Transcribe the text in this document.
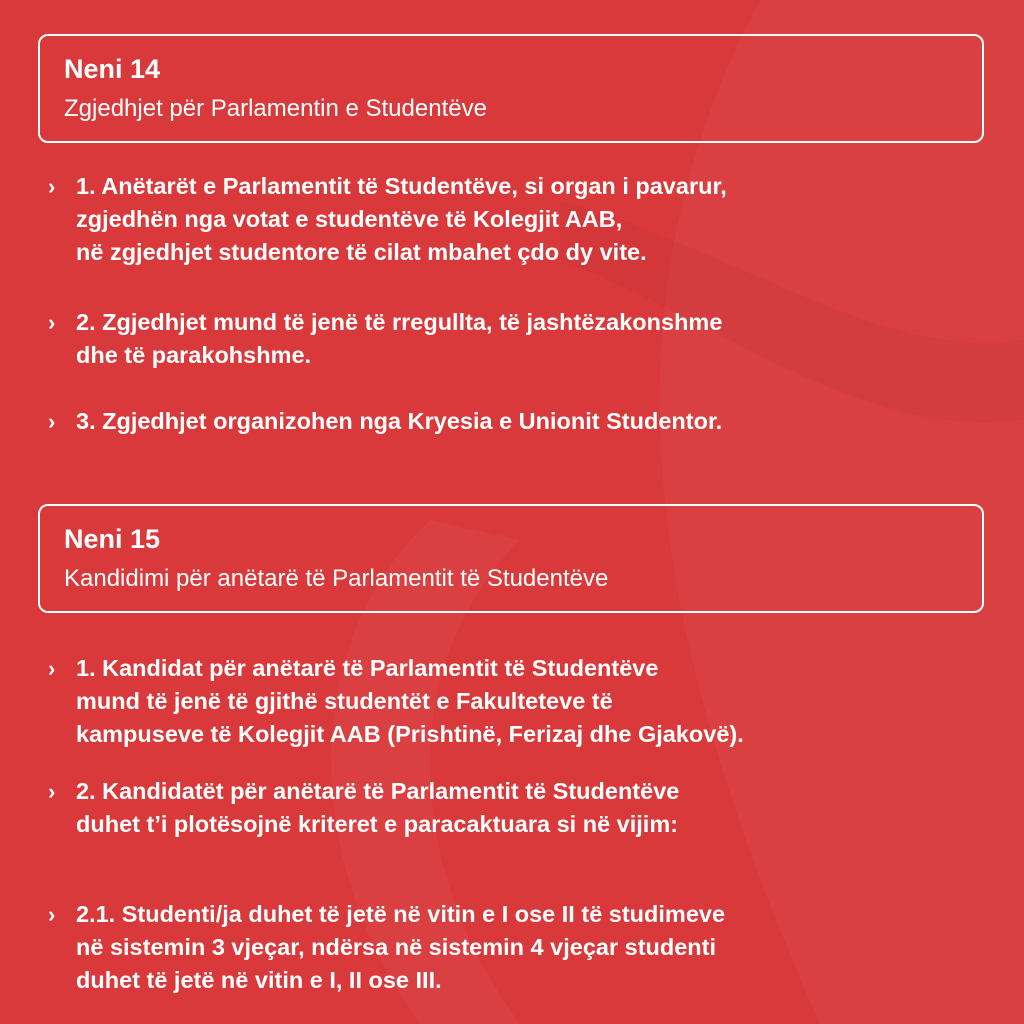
Neni 14
Zgjedhjet për Parlamentin e Studentëve
› 1. Anëtarët e Parlamentit të Studentëve, si organ i pavarur,
zgjedhën nga votat e studentëve të Kolegjit AAB,
në zgjedhjet studentore të cilat mbahet çdo dy vite.
› 2. Zgjedhjet mund të jenë të rregullta, të jashtëzakonshme
dhe të parakohshme.
› 3. Zgjedhjet organizohen nga Kryesia e Unionit Studentor.
Neni 15
Kandidimi për anëtarë të Parlamentit të Studentëve
› 1. Kandidat për anëtarë të Parlamentit të Studentëve
mund të jenë të gjithë studentët e Fakulteteve të
kampuseve të Kolegjit AAB (Prishtinë, Ferizaj dhe Gjakovë).
› 2. Kandidatët për anëtarë të Parlamentit të Studentëve
duhet t’i plotësojnë kriteret e paracaktuara si në vijim:
› 2.1. Studenti/ja duhet të jetë në vitin e I ose II të studimeve
në sistemin 3 vjeçar, ndërsa në sistemin 4 vjeçar studenti
duhet të jetë në vitin e I, II ose III.
